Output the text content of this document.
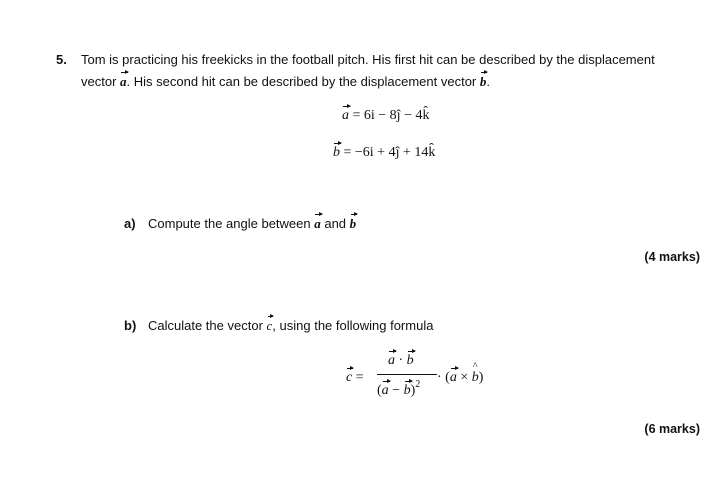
5. Tom is practicing his freekicks in the football pitch. His first hit can be described by the displacement
vector a. His second hit can be described by the displacement vector b.
a = 6i − 8ĵ − 4k̂
b = −6i + 4ĵ + 14k̂
a) Compute the angle between a and b
(4 marks)
b) Calculate the vector c, using the following formula
c =
a · b
$(a - b)^2 \cdot (a \times b$ ^)
(6 marks)
